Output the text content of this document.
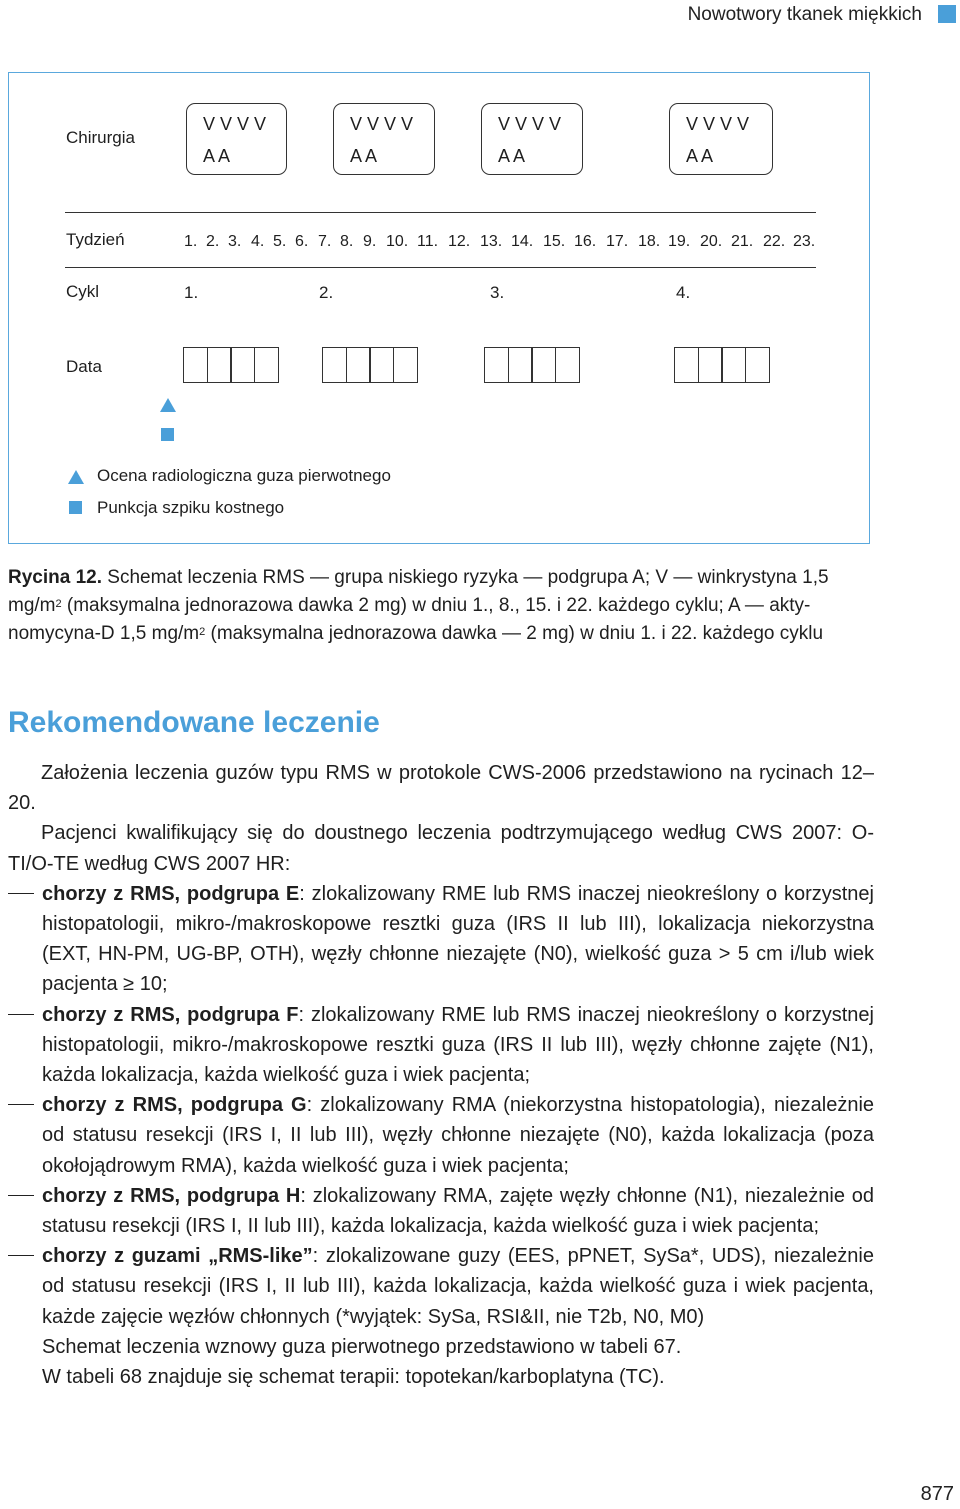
Nowotwory tkanek miękkich
Chirurgia
V V V V
A A
V V V V
A A
V V V V
A A
V V V V
A A
Tydzień	1. 2. 3. 4. 5. 6. 7. 8. 9. 10. 11. 12. 13. 14. 15. 16. 17. 18. 19. 20. 21. 22. 23.
Cykl	1.	2.	3.	4.
Data
Ocena radiologiczna guza pierwotnego
Punkcja szpiku kostnego
Rycina 12. Schemat leczenia RMS — grupa niskiego ryzyka — podgrupa A; V — winkrystyna 1,5 $mg/m^2$ (maksymalna jednorazowa dawka 2 mg) w dniu 1., 8., 15. i 22. każdego cyklu; A — aktynomycyna-D 1,5 $mg/m^2$ (maksymalna jednorazowa dawka — 2 mg) w dniu 1. i 22. każdego cyklu
Rekomendowane leczenie

Założenia leczenia guzów typu RMS w protokole CWS-2006 przedstawiono na rycinach 12–20.

Pacjenci kwalifikujący się do doustnego leczenia podtrzymującego według CWS 2007: O-TI/O-TE według CWS 2007 HR:

chorzy z RMS, podgrupa E: zlokalizowany RME lub RMS inaczej nieokreślony o korzystnej histopatologii, mikro-/makroskopowe resztki guza (IRS II lub III), lokalizacja niekorzystna (EXT, HN-PM, UG-BP, OTH), węzły chłonne niezajęte (N0), wielkość guza > 5 cm i/lub wiek pacjenta ≥ 10;

chorzy z RMS, podgrupa F: zlokalizowany RME lub RMS inaczej nieokreślony o korzystnej histopatologii, mikro-/makroskopowe resztki guza (IRS II lub III), węzły chłonne zajęte (N1), każda lokalizacja, każda wielkość guza i wiek pacjenta;

chorzy z RMS, podgrupa G: zlokalizowany RMA (niekorzystna histopatologia), niezależnie od statusu resekcji (IRS I, II lub III), węzły chłonne niezajęte (N0), każda lokalizacja (poza okołojądrowym RMA), każda wielkość guza i wiek pacjenta;

chorzy z RMS, podgrupa H: zlokalizowany RMA, zajęte węzły chłonne (N1), niezależnie od statusu resekcji (IRS I, II lub III), każda lokalizacja, każda wielkość guza i wiek pacjenta;

chorzy z guzami „RMS-like”: zlokalizowane guzy (EES, pPNET, SySa*, UDS), niezależnie od statusu resekcji (IRS I, II lub III), każda lokalizacja, każda wielkość guza i wiek pacjenta, każde zajęcie węzłów chłonnych (*wyjątek: SySa, RSI&II, nie T2b, N0, M0)

Schemat leczenia wznowy guza pierwotnego przedstawiono w tabeli 67.

W tabeli 68 znajduje się schemat terapii: topotekan/karboplatyna (TC).

877
